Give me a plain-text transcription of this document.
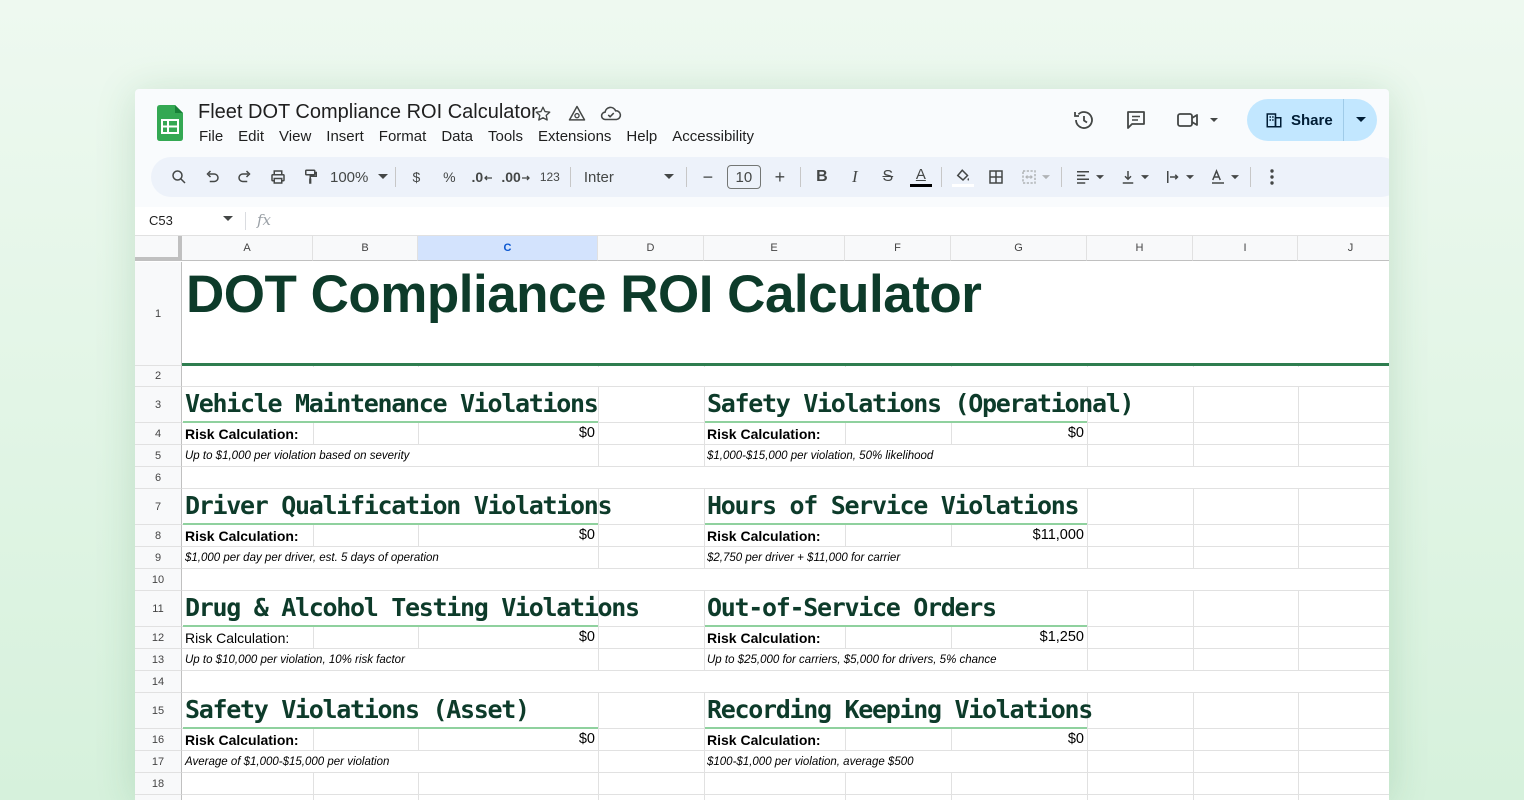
Fleet DOT Compliance ROI Calculator
File Edit View Insert Format Data Tools Extensions Help Accessibility
Share
100%	$	%	.0 .00	123 Inter	−	10	+	B	I	S	A
C53	fx
A	B	C	D	E	F	G	H	I	J
1
2
3
4
5
6
7
8
9
10
11
12
13
14
15
16
17
18
DOT Compliance ROI Calculator
Vehicle Maintenance Violations
Risk Calculation:	$0
Up to $1,000 per violation based on severity
Safety Violations (Operational)
Risk Calculation:	$0
$1,000-$15,000 per violation, 50% likelihood
Driver Qualification Violations
Risk Calculation:	$0
$1,000 per day per driver, est. 5 days of operation
Hours of Service Violations
Risk Calculation:	$11,000
$2,750 per driver + $11,000 for carrier
Drug & Alcohol Testing Violations
Risk Calculation:	$0
Up to $10,000 per violation, 10% risk factor
Out-of-Service Orders
Risk Calculation:	$1,250
Up to $25,000 for carriers, $5,000 for drivers, 5% chance
Safety Violations (Asset)
Risk Calculation:	$0
Average of $1,000-$15,000 per violation
Recording Keeping Violations
Risk Calculation:	$0
$100-$1,000 per violation, average $500
